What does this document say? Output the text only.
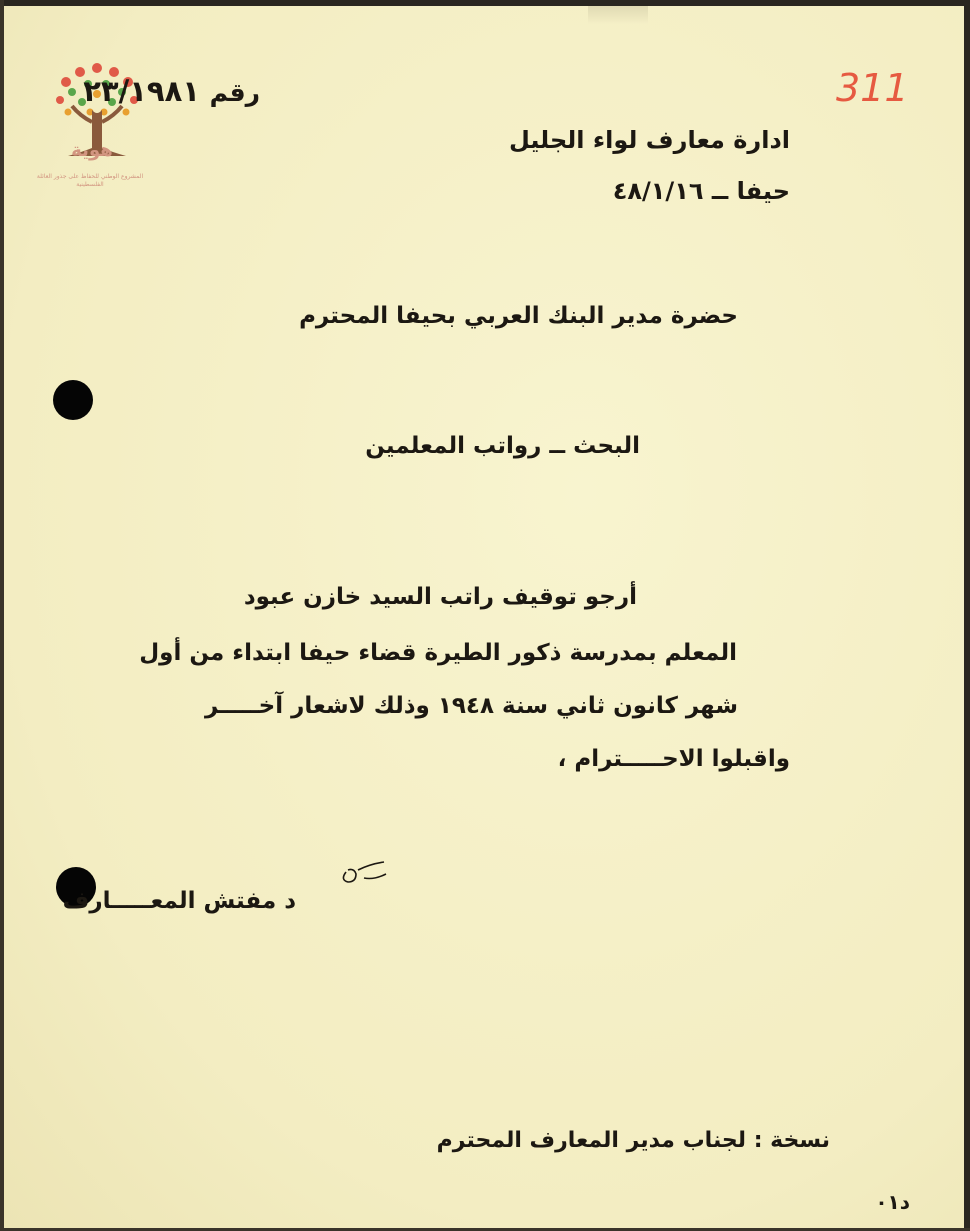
هوية
المشروع الوطني للحفاظ على جذور العائلة الفلسطينية
رقم
٢٣/١٩٨١	311
ادارة معارف لواء الجليل
حيفا ــ ٤٨/١/١٦
حضرة مدير البنك العربي بحيفا المحترم
البحث ــ رواتب المعلمين
أرجو توقيف راتب السيد خازن عبود
المعلم بمدرسة ذكور الطيرة قضاء حيفا ابتداء من أول
شهر كانون ثاني سنة ١٩٤٨ وذلك لاشعار آخـــــر
واقبلوا الاحـــــترام ،
د مفتش المعـــــارف
نسخة : لجناب مدير المعارف المحترم
د٠١
